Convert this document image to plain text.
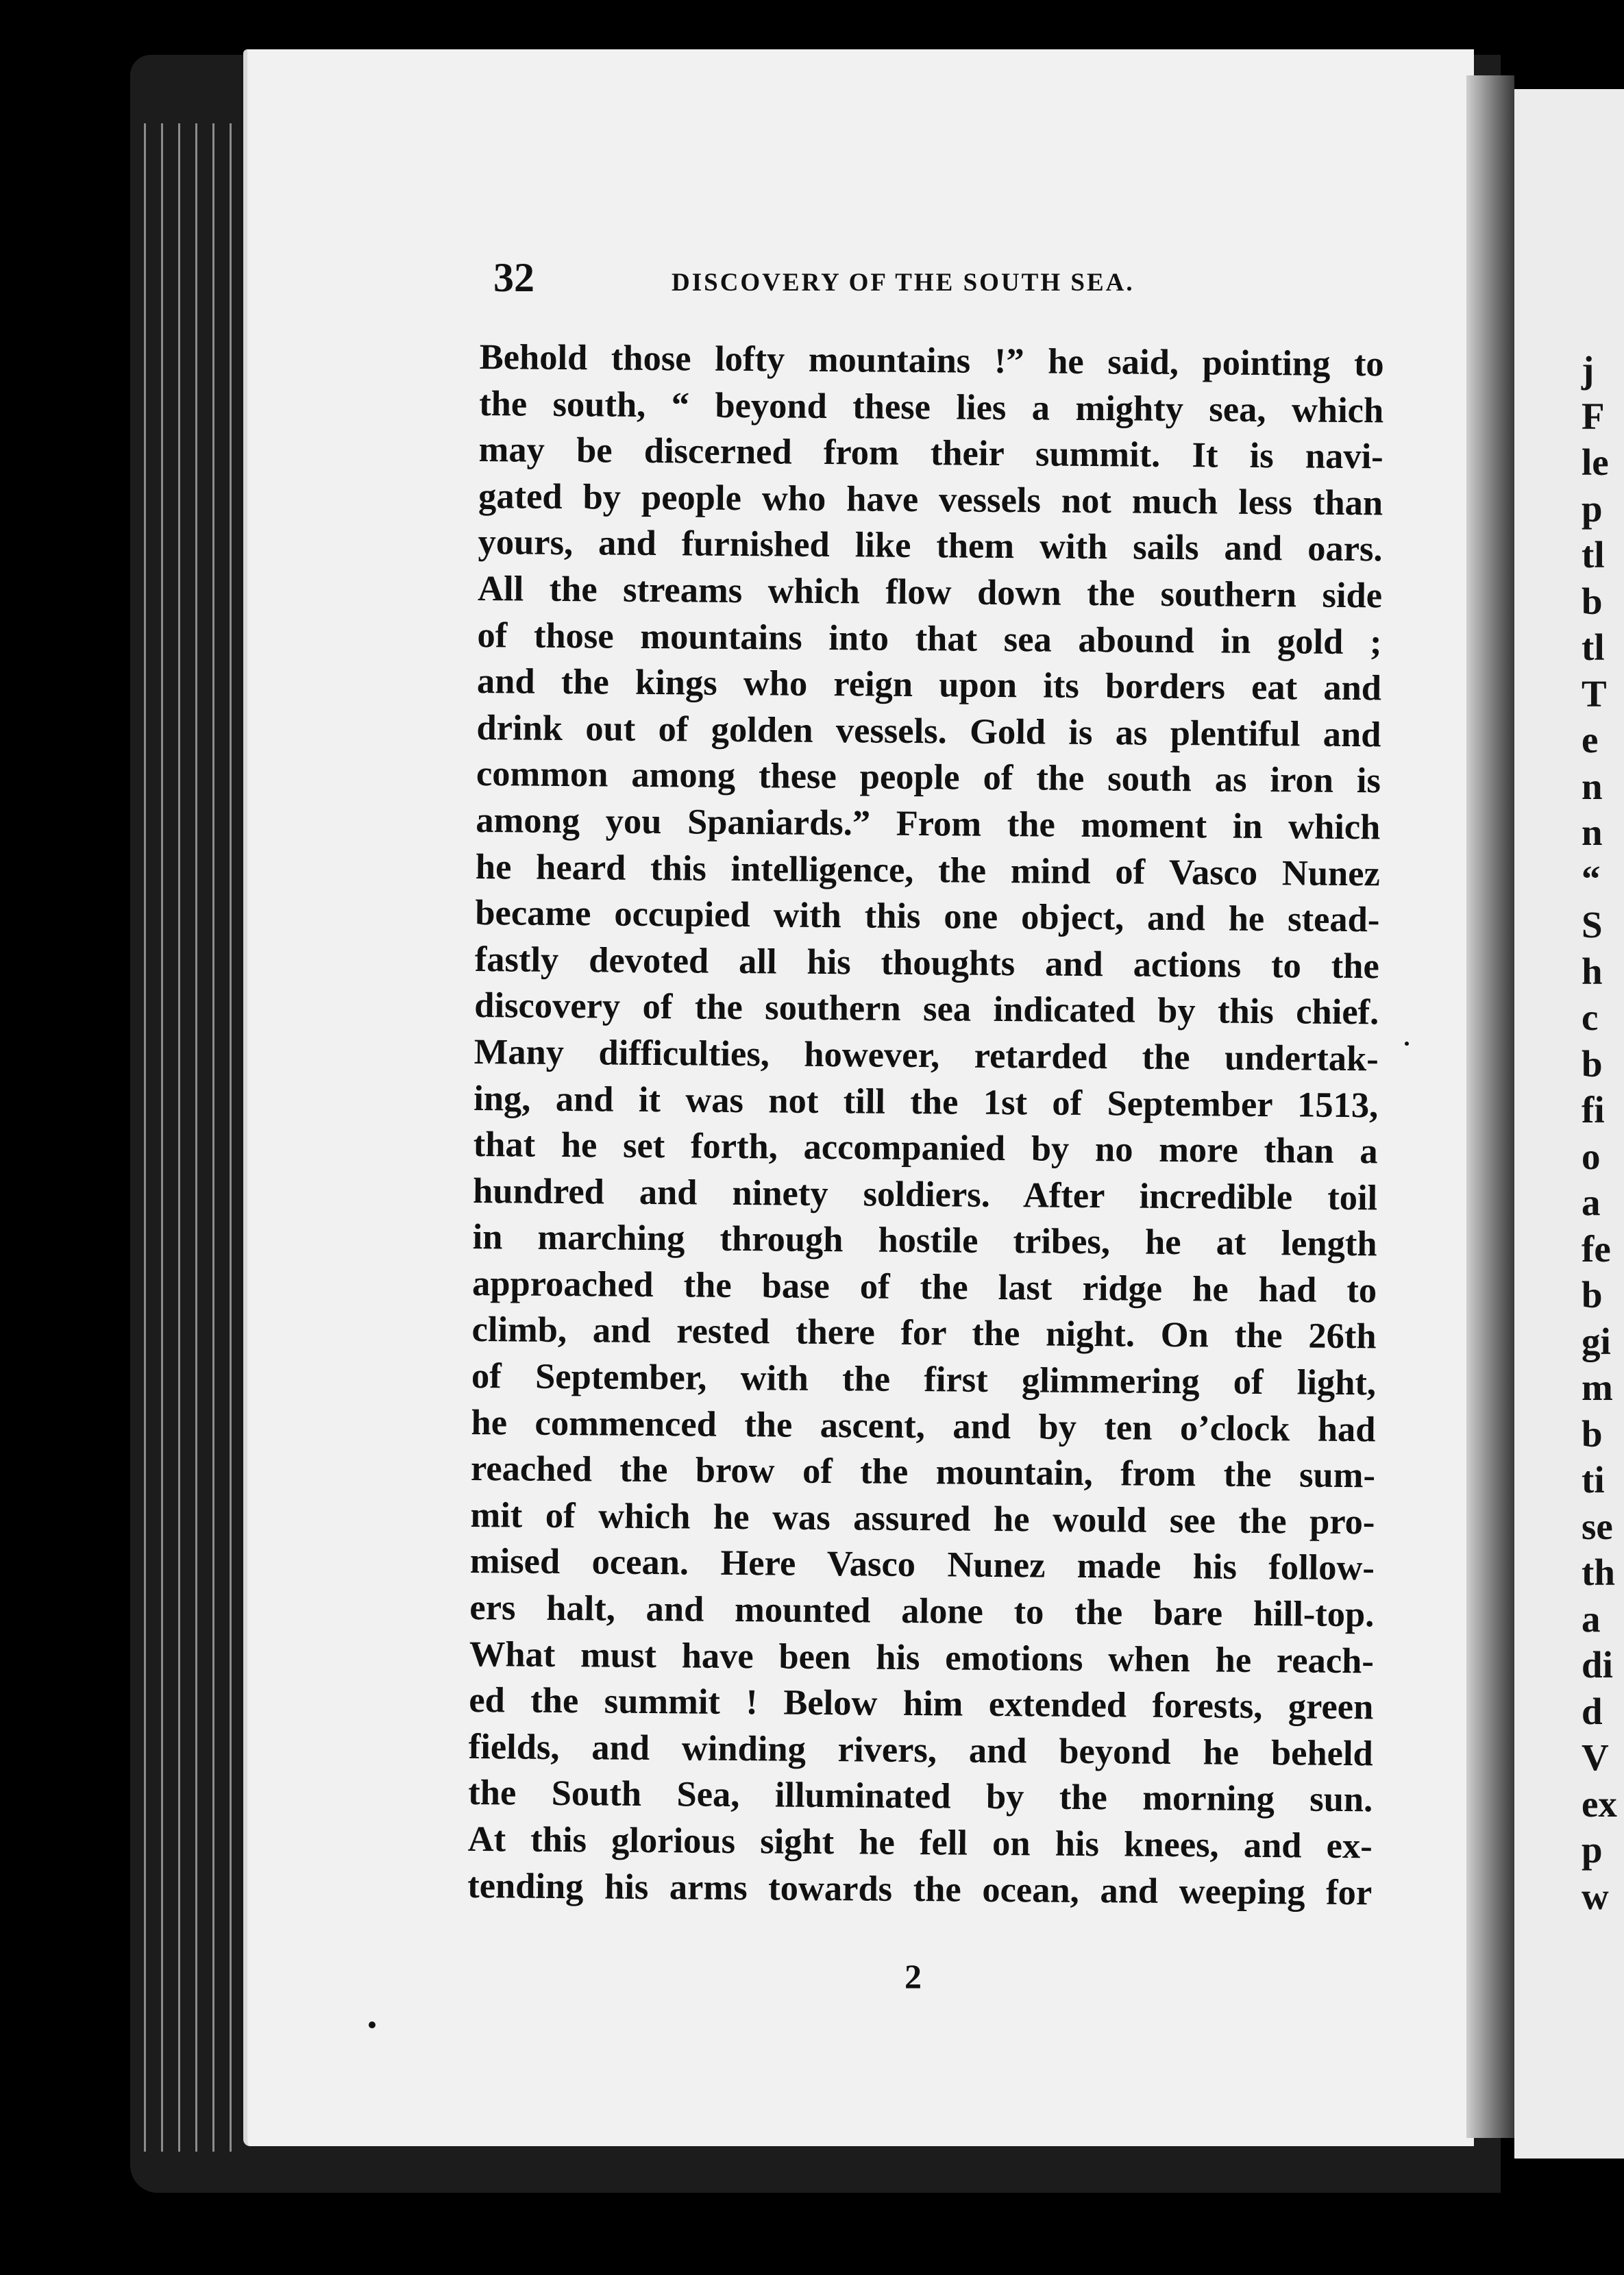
j
F
le
p
tl
b
tl
T
e
n
n
“
S
h
c
b
fi
o
a
fe
b
gi
m
b
ti
se
th
a
di
d
V
ex
p
w
32	DISCOVERY OF THE SOUTH SEA.
Behold those lofty mountains !” he said, pointing to
the south, “ beyond these lies a mighty sea, which
may be discerned from their summit. It is navi-
gated by people who have vessels not much less than
yours, and furnished like them with sails and oars.
All the streams which flow down the southern side
of those mountains into that sea abound in gold ;
and the kings who reign upon its borders eat and
drink out of golden vessels. Gold is as plentiful and
common among these people of the south as iron is
among you Spaniards.” From the moment in which
he heard this intelligence, the mind of Vasco Nunez
became occupied with this one object, and he stead-
fastly devoted all his thoughts and actions to the
discovery of the southern sea indicated by this chief.
Many difficulties, however, retarded the undertak-
ing, and it was not till the 1st of September 1513,
that he set forth, accompanied by no more than a
hundred and ninety soldiers. After incredible toil
in marching through hostile tribes, he at length
approached the base of the last ridge he had to
climb, and rested there for the night. On the 26th
of September, with the first glimmering of light,
he commenced the ascent, and by ten o’clock had
reached the brow of the mountain, from the sum-
mit of which he was assured he would see the pro-
mised ocean. Here Vasco Nunez made his follow-
ers halt, and mounted alone to the bare hill-top.
What must have been his emotions when he reach-
ed the summit ! Below him extended forests, green
fields, and winding rivers, and beyond he beheld
the South Sea, illuminated by the morning sun.
At this glorious sight he fell on his knees, and ex-
tending his arms towards the ocean, and weeping for
2
